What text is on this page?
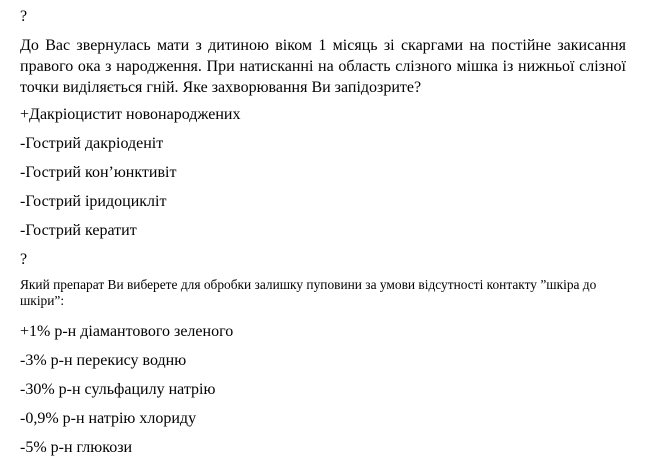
?
До Вас звернулась мати з дитиною віком 1 місяць зі скаргами на постійне закисання правого ока з народження. При натисканні на область слізного мішка із нижньої слізної точки виділяється гній. Яке захворювання Ви запідозрите?
+Дакріоцистит новонароджених
-Гострий дакріоденіт
-Гострий кон’юнктивіт
-Гострий іридоцикліт
-Гострий кератит
?
Який препарат Ви виберете для обробки залишку пуповини за умови відсутності контакту ”шкіра до шкіри”:
+1% р-н діамантового зеленого
-3% р-н перекису водню
-30% р-н сульфацилу натрію
-0,9% р-н натрію хлориду
-5% р-н глюкози
